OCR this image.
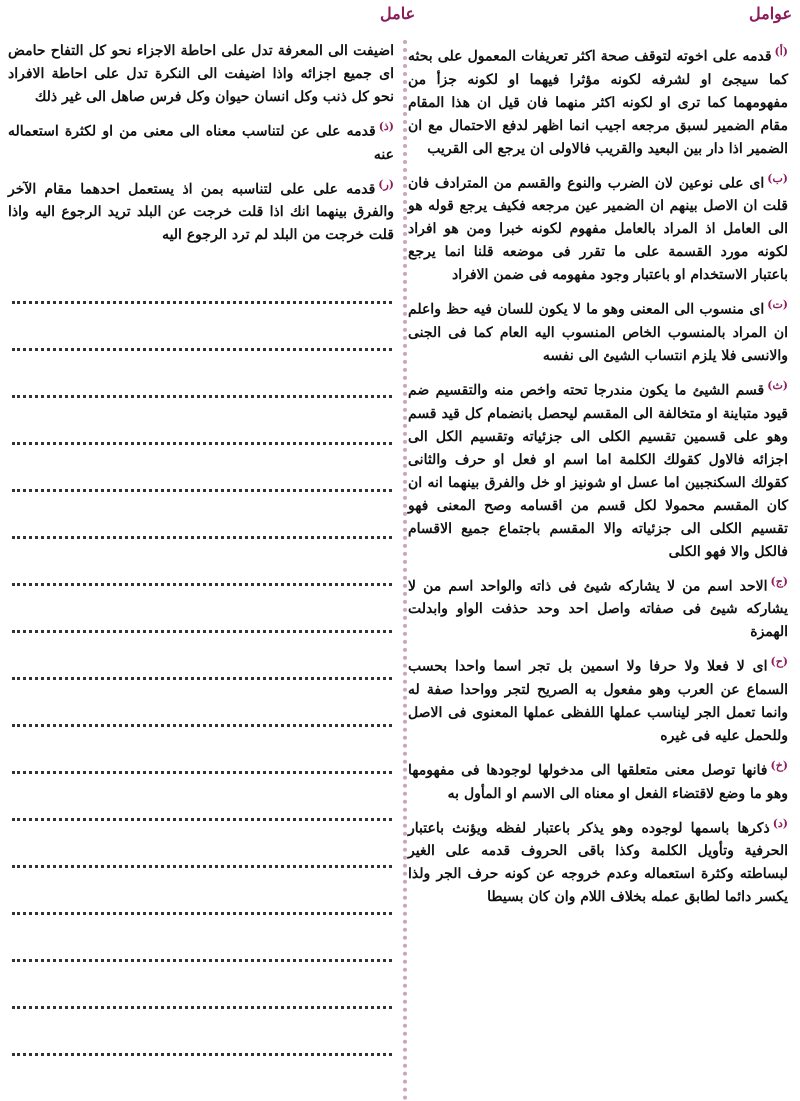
عوامل
عامل

$^{(أ)}$قدمه على اخوته لتوقف صحة اكثر تعريفات المعمول على بحثه كما سيجئ او لشرفه لكونه مؤثرا فيهما او لكونه جزأ من مفهومهما كما ترى او لكونه اكثر منهما فان قيل ان هذا المقام مقام الضمير لسبق مرجعه اجيب انما اظهر لدفع الاحتمال مع ان الضمير اذا دار بين البعيد والقريب فالاولى ان يرجع الى القريب

$^{(ب)}$اى على نوعين لان الضرب والنوع والقسم من المترادف فان قلت ان الاصل بينهم ان الضمير عين مرجعه فكيف يرجع قوله هو الى العامل اذ المراد بالعامل مفهوم لكونه خبرا ومن هو افراد لكونه مورد القسمة على ما تقرر فى موضعه قلنا انما يرجع باعتبار الاستخدام او باعتبار وجود مفهومه فى ضمن الافراد

$^{(ت)}$اى منسوب الى المعنى وهو ما لا يكون للسان فيه حظ واعلم ان المراد بالمنسوب الخاص المنسوب اليه العام كما فى الجنى والانسى فلا يلزم انتساب الشيئ الى نفسه

$^{(ث)}$قسم الشيئ ما يكون مندرجا تحته واخص منه والتقسيم ضم قيود متباينة او متخالفة الى المقسم ليحصل بانضمام كل قيد قسم وهو على قسمين تقسيم الكلى الى جزئياته وتقسيم الكل الى اجزائه فالاول كقولك الكلمة اما اسم او فعل او حرف والثانى كقولك السكنجبين اما عسل او شونيز او خل والفرق بينهما انه ان كان المقسم محمولا لكل قسم من اقسامه وصح المعنى فهو تقسيم الكلى الى جزئياته والا المقسم باجتماع جميع الاقسام فالكل والا فهو الكلى

$^{(ج)}$الاحد اسم من لا يشاركه شيئ فى ذاته والواحد اسم من لا يشاركه شيئ فى صفاته واصل احد وحد حذفت الواو وابدلت الهمزة

$^{(ح)}$اى لا فعلا ولا حرفا ولا اسمين بل تجر اسما واحدا بحسب السماع عن العرب وهو مفعول به الصريح لتجر وواحدا صفة له وانما تعمل الجر ليناسب عملها اللفظى عملها المعنوى فى الاصل وللحمل عليه فى غيره

$^{(خ)}$فانها توصل معنى متعلقها الى مدخولها لوجودها فى مفهومها وهو ما وضع لاقتضاء الفعل او معناه الى الاسم او المأول به

$^{(د)}$ذكرها باسمها لوجوده وهو يذكر باعتبار لفظه ويؤنث باعتبار الحرفية وتأويل الكلمة وكذا باقى الحروف قدمه على الغير لبساطته وكثرة استعماله وعدم خروجه عن كونه حرف الجر ولذا يكسر دائما لطابق عمله بخلاف اللام وان كان بسيطا

اضيفت الى المعرفة تدل على احاطة الاجزاء نحو كل التفاح حامض اى جميع اجزائه واذا اضيفت الى النكرة تدل على احاطة الافراد نحو كل ذنب وكل انسان حيوان وكل فرس صاهل الى غير ذلك

$^{(ذ)}$قدمه على عن لتناسب معناه الى معنى من او لكثرة استعماله عنه

$^{(ر)}$قدمه على على لتناسبه بمن اذ يستعمل احدهما مقام الآخر والفرق بينهما انك اذا قلت خرجت عن البلد تريد الرجوع اليه واذا قلت خرجت من البلد لم ترد الرجوع اليه
